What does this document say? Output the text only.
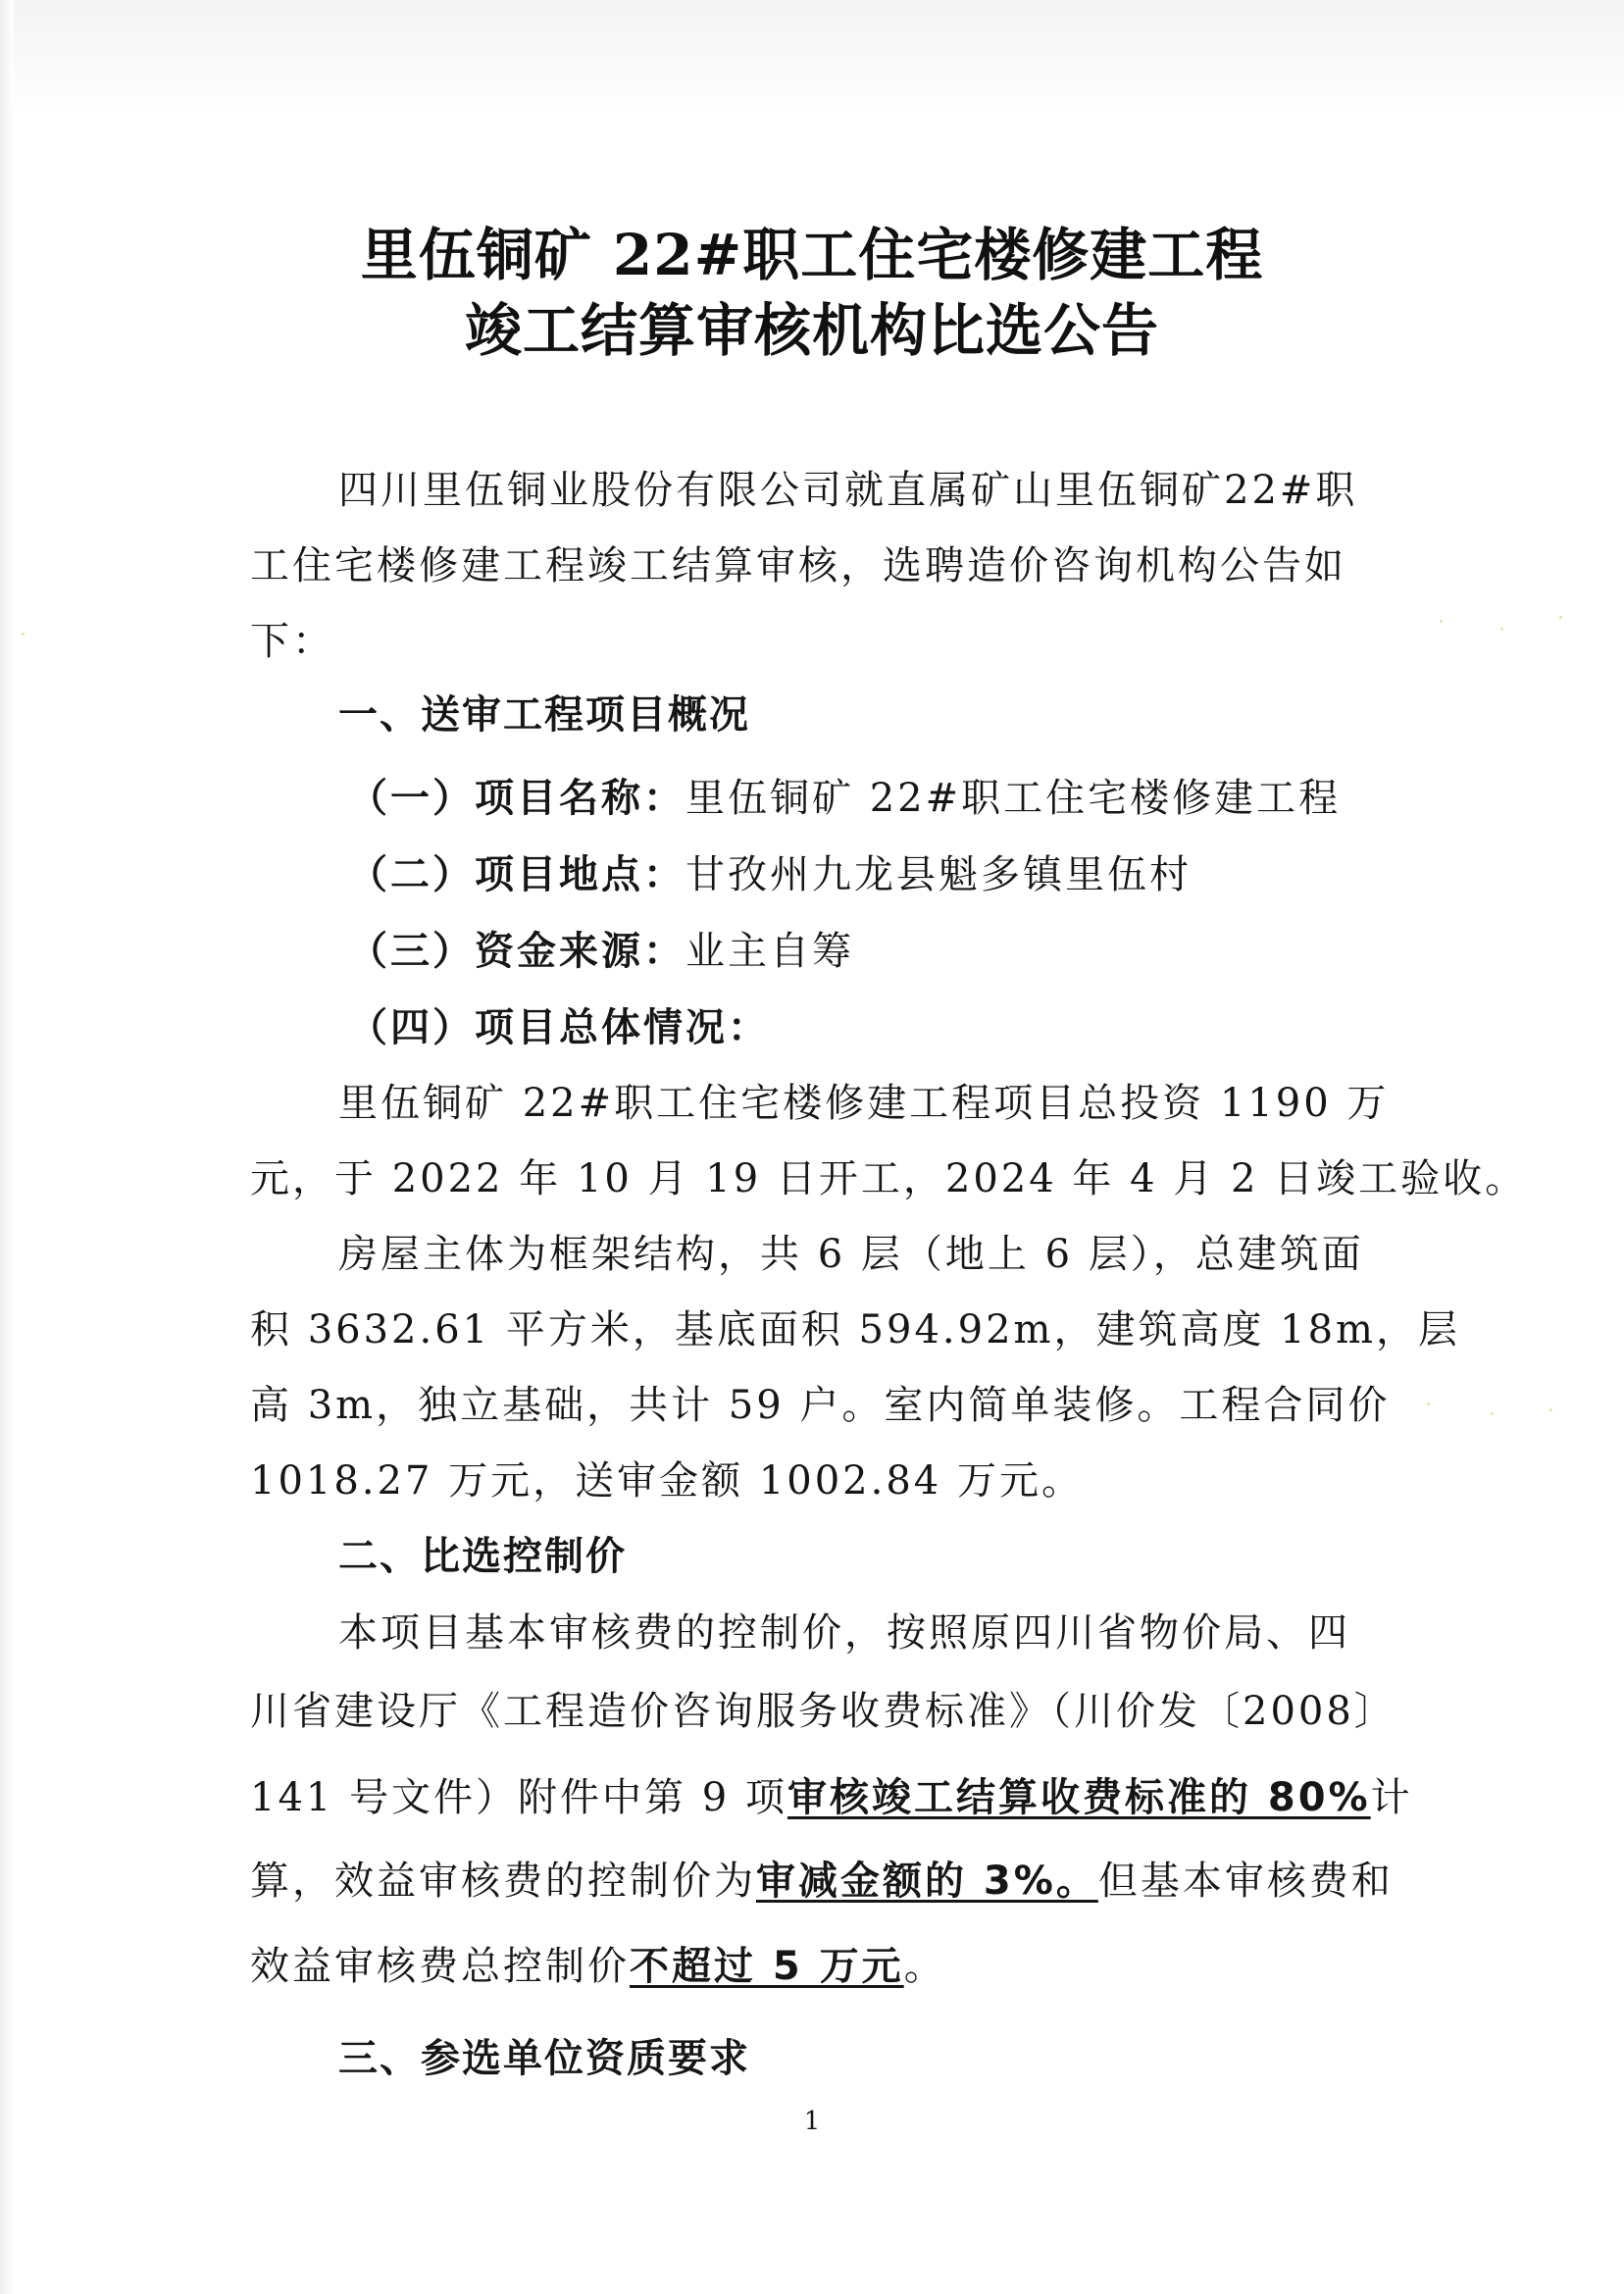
里伍铜矿 22#职工住宅楼修建工程
竣工结算审核机构比选公告
四川里伍铜业股份有限公司就直属矿山里伍铜矿22#职
工住宅楼修建工程竣工结算审核，选聘造价咨询机构公告如
下：
一、送审工程项目概况
（一）项目名称：里伍铜矿 22#职工住宅楼修建工程
（二）项目地点：甘孜州九龙县魁多镇里伍村
（三）资金来源：业主自筹
（四）项目总体情况：
里伍铜矿 22#职工住宅楼修建工程项目总投资 1190 万
元，于 2022 年 10 月 19 日开工，2024 年 4 月 2 日竣工验收。
房屋主体为框架结构，共 6 层（地上 6 层），总建筑面
积 3632.61 平方米，基底面积 594.92m，建筑高度 18m，层
高 3m，独立基础，共计 59 户。室内简单装修。工程合同价
1018.27 万元，送审金额 1002.84 万元。
二、比选控制价
本项目基本审核费的控制价，按照原四川省物价局、四
川省建设厅《工程造价咨询服务收费标准》（川价发〔2008〕
141 号文件）附件中第 9 项审核竣工结算收费标准的 80%计
算，效益审核费的控制价为审减金额的 3%。但基本审核费和
效益审核费总控制价不超过 5 万元。
三、参选单位资质要求
1
